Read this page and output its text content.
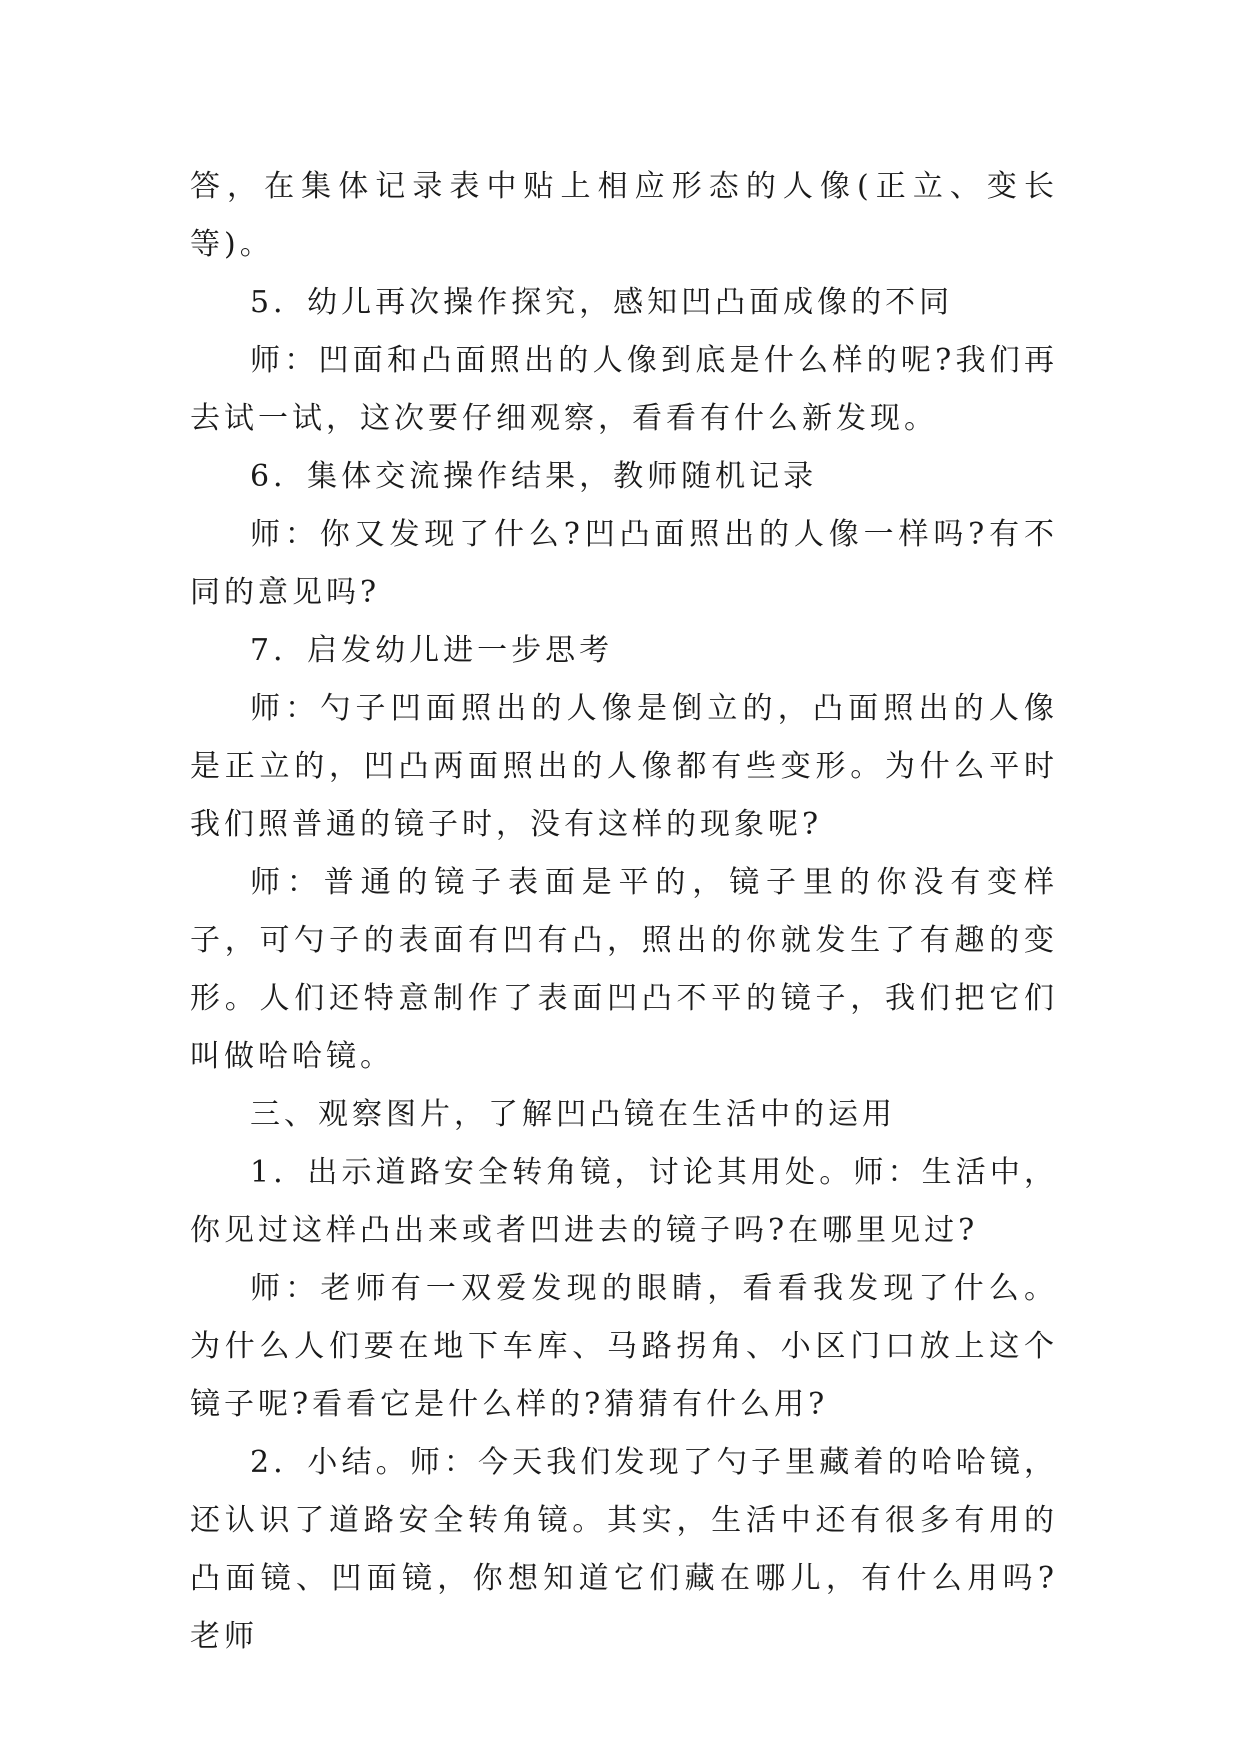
答，在集体记录表中贴上相应形态的人像(正立、变长等)。

5．幼儿再次操作探究，感知凹凸面成像的不同

师：凹面和凸面照出的人像到底是什么样的呢?我们再去试一试，这次要仔细观察，看看有什么新发现。

6．集体交流操作结果，教师随机记录

师：你又发现了什么?凹凸面照出的人像一样吗?有不同的意见吗?

7．启发幼儿进一步思考

师：勺子凹面照出的人像是倒立的，凸面照出的人像是正立的，凹凸两面照出的人像都有些变形。为什么平时我们照普通的镜子时，没有这样的现象呢?

师：普通的镜子表面是平的，镜子里的你没有变样子，可勺子的表面有凹有凸，照出的你就发生了有趣的变形。人们还特意制作了表面凹凸不平的镜子，我们把它们叫做哈哈镜。

三、观察图片，了解凹凸镜在生活中的运用

1．出示道路安全转角镜，讨论其用处。师：生活中，你见过这样凸出来或者凹进去的镜子吗?在哪里见过?

师：老师有一双爱发现的眼睛，看看我发现了什么。为什么人们要在地下车库、马路拐角、小区门口放上这个镜子呢?看看它是什么样的?猜猜有什么用?

2．小结。师：今天我们发现了勺子里藏着的哈哈镜，还认识了道路安全转角镜。其实，生活中还有很多有用的凸面镜、凹面镜，你想知道它们藏在哪儿，有什么用吗?老师
